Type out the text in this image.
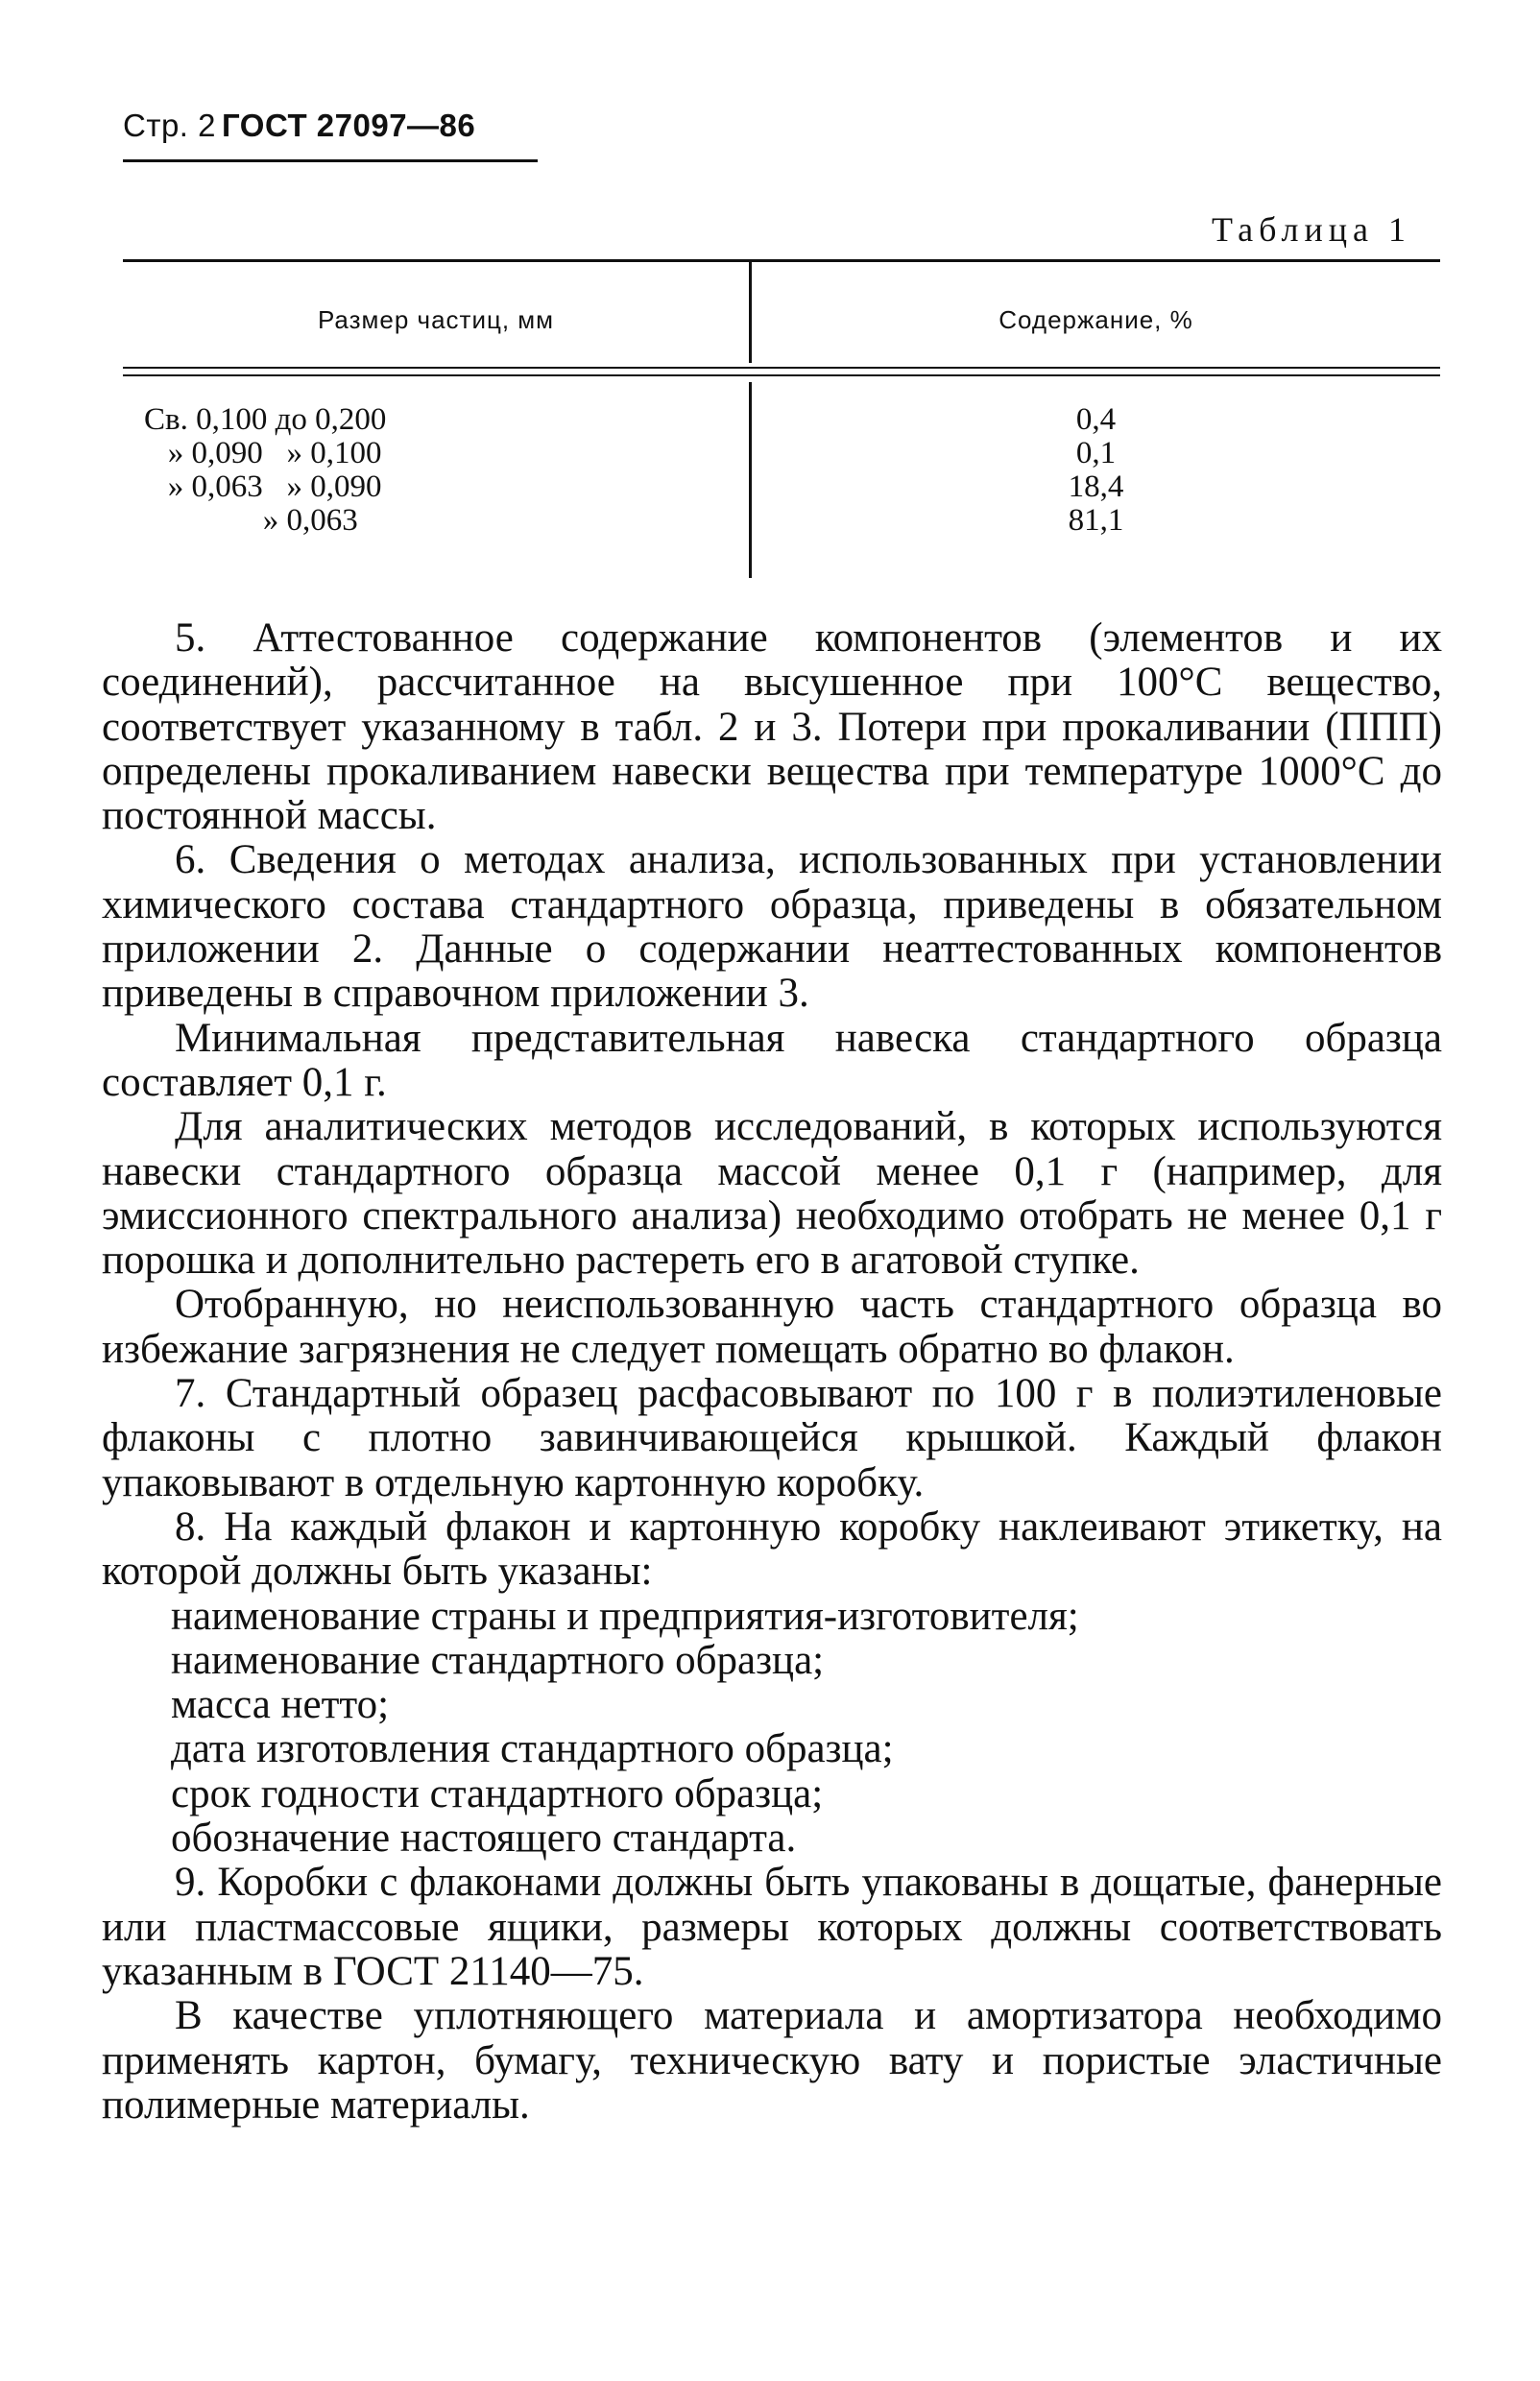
Стр. 2 ГОСТ 27097—86
Таблица 1
Размер частиц, мм	Содержание, %
Св. 0,100 до 0,200	0,4
» 0,090   » 0,100	0,1
» 0,063   » 0,090	18,4
» 0,063	81,1

5. Аттестованное содержание компонентов (элементов и их соединений), рассчитанное на высушенное при 100°С вещество, соответствует указанному в табл. 2 и 3. Потери при прокаливании (ППП) определены прокаливанием навески вещества при температуре 1000°С до постоянной массы.

6. Сведения о методах анализа, использованных при установлении химического состава стандартного образца, приведены в обязательном приложении 2. Данные о содержании неаттестованных компонентов приведены в справочном приложении 3.

Минимальная представительная навеска стандартного образца составляет 0,1 г.

Для аналитических методов исследований, в которых используются навески стандартного образца массой менее 0,1 г (например, для эмиссионного спектрального анализа) необходимо отобрать не менее 0,1 г порошка и дополнительно растереть его в агатовой ступке.

Отобранную, но неиспользованную часть стандартного образца во избежание загрязнения не следует помещать обратно во флакон.

7. Стандартный образец расфасовывают по 100 г в полиэтиленовые флаконы с плотно завинчивающейся крышкой. Каждый флакон упаковывают в отдельную картонную коробку.

8. На каждый флакон и картонную коробку наклеивают этикетку, на которой должны быть указаны:

наименование страны и предприятия-изготовителя;

наименование стандартного образца;

масса нетто;

дата изготовления стандартного образца;

срок годности стандартного образца;

обозначение настоящего стандарта.

9. Коробки с флаконами должны быть упакованы в дощатые, фанерные или пластмассовые ящики, размеры которых должны соответствовать указанным в ГОСТ 21140—75.

В качестве уплотняющего материала и амортизатора необходимо применять картон, бумагу, техническую вату и пористые эластичные полимерные материалы.
